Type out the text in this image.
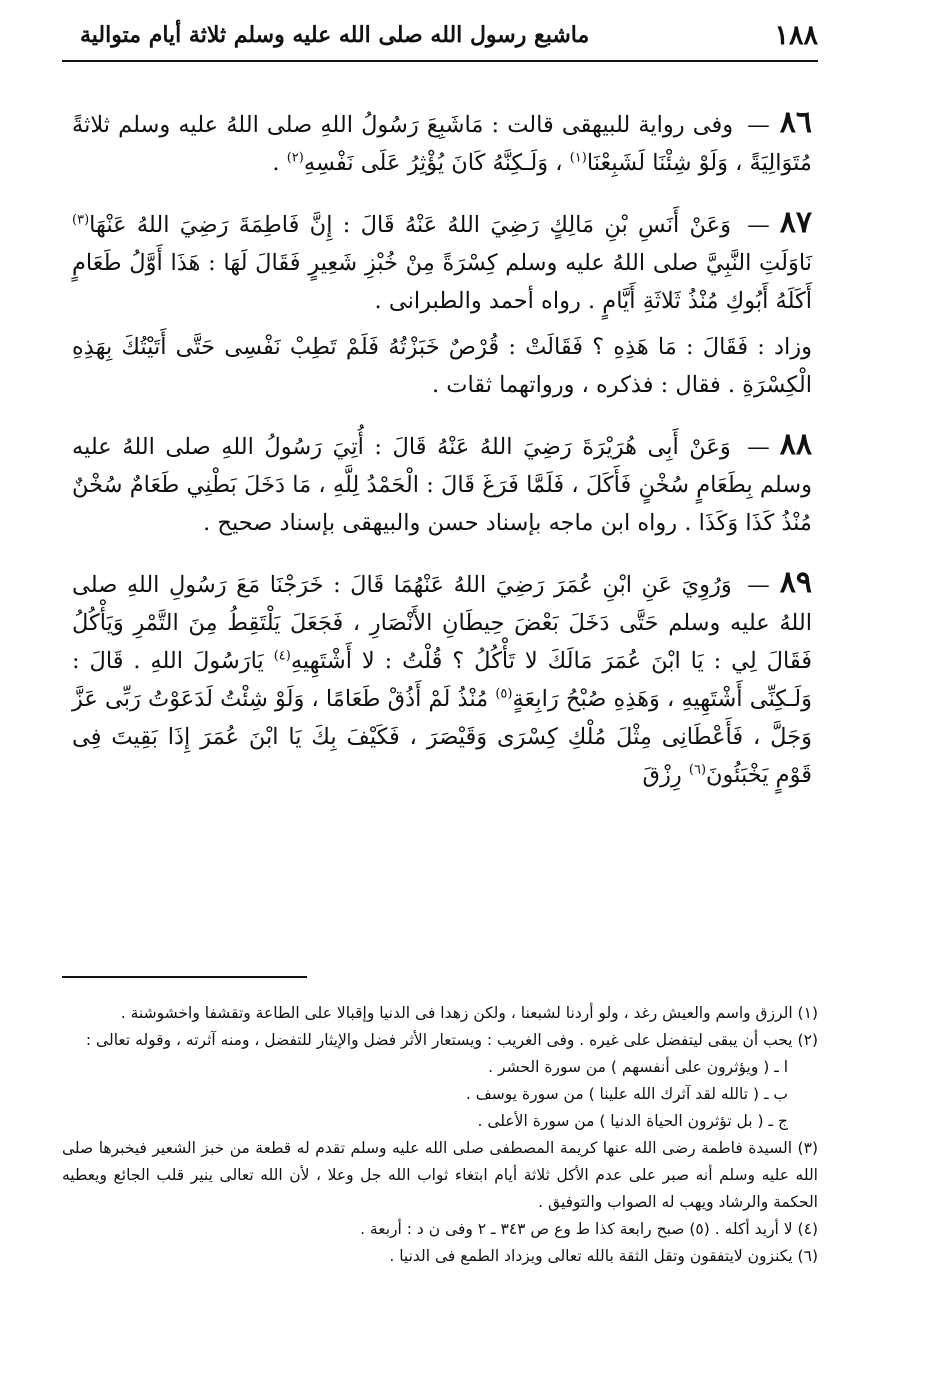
١٨٨
ماشبع رسول الله صلى الله عليه وسلم ثلاثة أيام متوالية

٨٦— وفى رواية للبيهقى قالت : مَاشَبِعَ رَسُولُ اللهِ صلى اللهُ عليه وسلم ثلاثةً مُتَوَالِيَةً ، وَلَوْ شِئْنَا لَشَبِعْنَا$^{(١)}$ ، وَلَـكِنَّهُ كَانَ يُؤْثِرُ عَلَى نَفْسِهِ$^{(٢)}$ .

٨٧— وَعَنْ أَنَسِ بْنِ مَالِكٍ رَضِيَ اللهُ عَنْهُ قَالَ : إِنَّ فَاطِمَةَ رَضِيَ اللهُ عَنْهَا$^{(٣)}$ نَاوَلَتِ النَّبِيَّ صلى اللهُ عليه وسلم كِسْرَةً مِنْ خُبْزِ شَعِيرٍ فَقَالَ لَهَا : هَذَا أَوَّلُ طَعَامٍ أَكَلَهُ أَبُوكِ مُنْذُ ثَلاثَةِ أَيَّامٍ . رواه أحمد والطبرانى .

وزاد : فَقَالَ : مَا هَذِهِ ؟ فَقَالَتْ : قُرْصٌ خَبَزْتُهُ فَلَمْ تَطِبْ نَفْسِى حَتَّى أَتَيْتُكَ بِهَذِهِ الْكِسْرَةِ . فقال : فذكره ، ورواتهما ثقات .

٨٨— وَعَنْ أَبِى هُرَيْرَةَ رَضِيَ اللهُ عَنْهُ قَالَ : أُتِيَ رَسُولُ اللهِ صلى اللهُ عليه وسلم بِطَعَامٍ سُخْنٍ فَأَكَلَ ، فَلَمَّا فَرَغَ قَالَ : الْحَمْدُ لِلَّهِ ، مَا دَخَلَ بَطْنِي طَعَامٌ سُخْنٌ مُنْذُ كَذَا وَكَذَا . رواه ابن ماجه بإسناد حسن والبيهقى بإسناد صحيح .

٨٩— وَرُوِيَ عَنِ ابْنِ عُمَرَ رَضِيَ اللهُ عَنْهُمَا قَالَ : خَرَجْنَا مَعَ رَسُولِ اللهِ صلى اللهُ عليه وسلم حَتَّى دَخَلَ بَعْضَ حِيطَانِ الأَنْصَارِ ، فَجَعَلَ يَلْتَقِطُ مِنَ التَّمْرِ وَيَأْكُلُ فَقَالَ لِي : يَا ابْنَ عُمَرَ مَالَكَ لا تَأْكُلُ ؟ قُلْتُ : لا أَشْتَهِيهِ$^{(٤)}$ يَارَسُولَ اللهِ . قَالَ : وَلَـكِنِّى أَشْتَهِيهِ ، وَهَذِهِ صُبْحُ رَابِعَةٍ$^{(٥)}$ مُنْذُ لَمْ أَذُقْ طَعَامًا ، وَلَوْ شِئْتُ لَدَعَوْتُ رَبِّى عَزَّ وَجَلَّ ، فَأَعْطَانِى مِثْلَ مُلْكِ كِسْرَى وَقَيْصَرَ ، فَكَيْفَ بِكَ يَا ابْنَ عُمَرَ إِذَا بَقِيتَ فِى قَوْمٍ يَخْبَئُونَ$^{(٦)}$ رِزْقَ

(١) الرزق واسم والعيش رغد ، ولو أردنا لشبعنا ، ولكن زهدا فى الدنيا وإقبالا على الطاعة وتقشفا واخشوشنة .

(٢) يحب أن يبقى ليتفضل على غيره . وفى الغريب : ويستعار الأثر فضل والإيثار للتفضل ، ومنه آثرته ، وقوله تعالى :

ا ـ ( ويؤثرون على أنفسهم ) من سورة الحشر .
ب ـ ( تالله لقد آثرك الله علينا ) من سورة يوسف .
ج ـ ( بل تؤثرون الحياة الدنيا ) من سورة الأعلى .

(٣) السيدة فاطمة رضى الله عنها كريمة المصطفى صلى الله عليه وسلم تقدم له قطعة من خبز الشعير فيخبرها صلى الله عليه وسلم أنه صبر على عدم الأكل ثلاثة أيام ابتغاء ثواب الله جل وعلا ، لأن الله تعالى ينير قلب الجائع ويعطيه الحكمة والرشاد ويهب له الصواب والتوفيق .

(٤) لا أريد أكله . (٥) صبح رابعة كذا ط وع ص ٣٤٣ ـ ٢ وفى ن د : أربعة .

(٦) يكنزون لايتفقون وتقل الثقة بالله تعالى ويزداد الطمع فى الدنيا .
